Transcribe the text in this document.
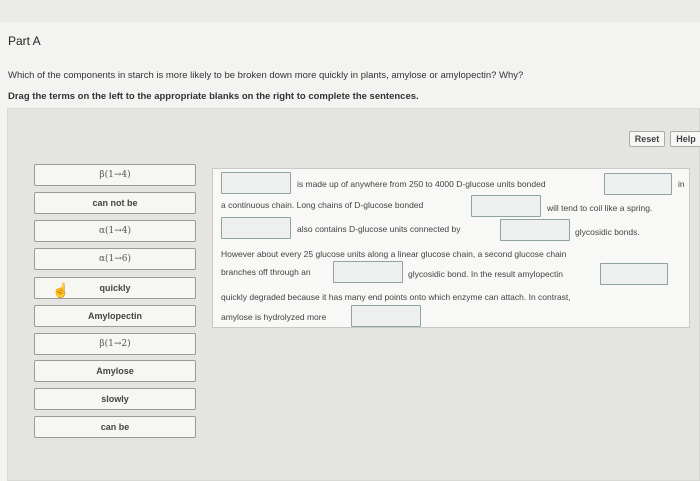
Part A
Which of the components in starch is more likely to be broken down more quickly in plants, amylose or amylopectin? Why?
Drag the terms on the left to the appropriate blanks on the right to complete the sentences.
Reset	Help
β(1→4)
can not be
α(1→4)
α(1→6)
quickly
Amylopectin
β(1→2)
Amylose
slowly
can be
☝
is made up of anywhere from 250 to 4000 D-glucose units bonded	in
a continuous chain. Long chains of D-glucose bonded	will tend to coil like a spring.
also contains D-glucose units connected by	glycosidic bonds.
However about every 25 glucose units along a linear glucose chain, a second glucose chain
branches off through an	glycosidic bond. In the result amylopectin
quickly degraded because it has many end points onto which enzyme can attach. In contrast,
amylose is hydrolyzed more
